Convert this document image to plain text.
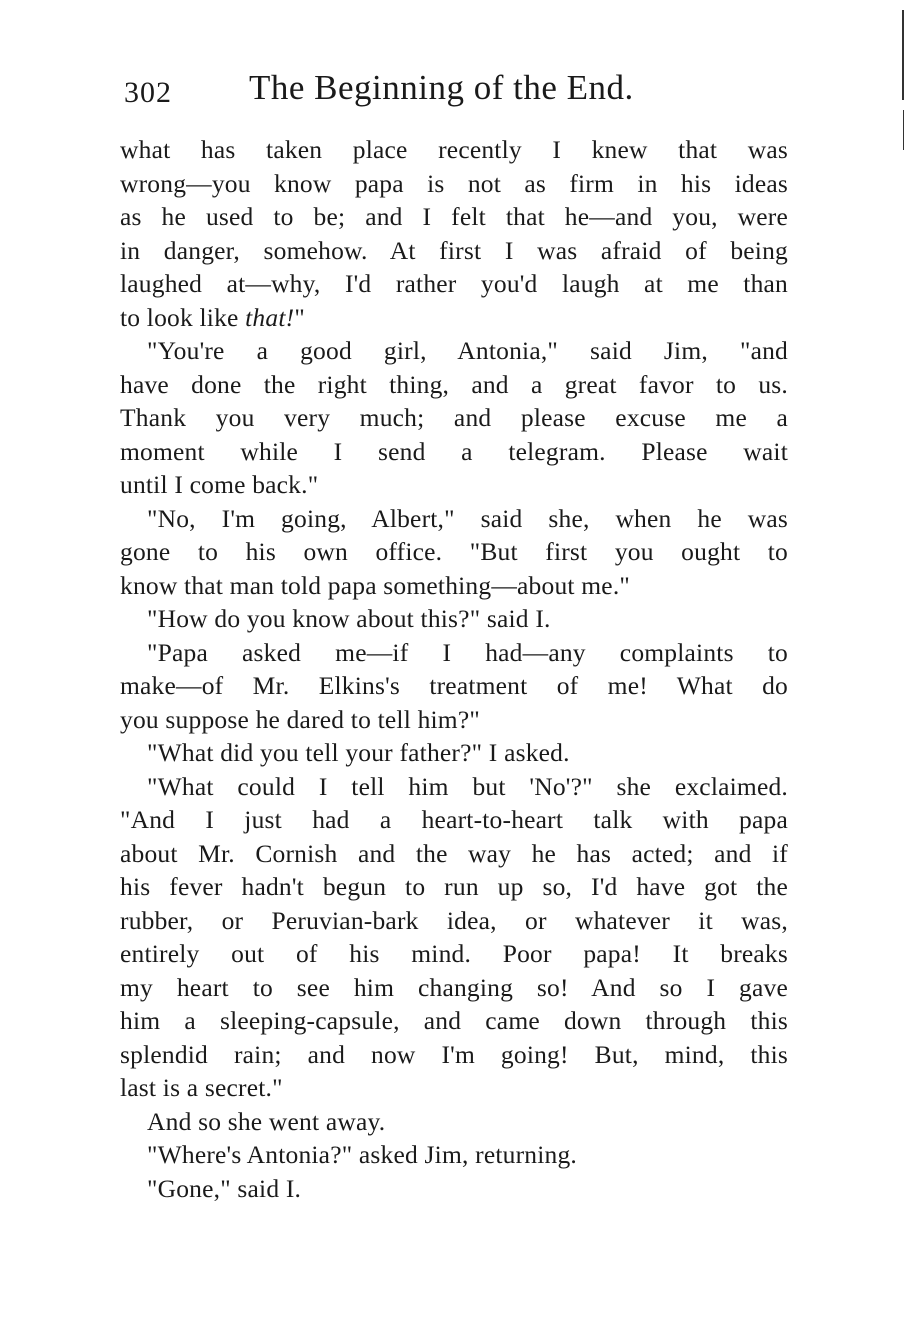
302 The Beginning of the End.
what has taken place recently I knew that was
wrong—you know papa is not as firm in his ideas
as he used to be; and I felt that he—and you, were
in danger, somehow. At first I was afraid of being
laughed at—why, I'd rather you'd laugh at me than
to look like that!"
"You're a good girl, Antonia," said Jim, "and
have done the right thing, and a great favor to us.
Thank you very much; and please excuse me a
moment while I send a telegram. Please wait
until I come back."
"No, I'm going, Albert," said she, when he was
gone to his own office. "But first you ought to
know that man told papa something—about me."
"How do you know about this?" said I.
"Papa asked me—if I had—any complaints to
make—of Mr. Elkins's treatment of me! What do
you suppose he dared to tell him?"
"What did you tell your father?" I asked.
"What could I tell him but 'No'?" she exclaimed.
"And I just had a heart-to-heart talk with papa
about Mr. Cornish and the way he has acted; and if
his fever hadn't begun to run up so, I'd have got the
rubber, or Peruvian-bark idea, or whatever it was,
entirely out of his mind. Poor papa! It breaks
my heart to see him changing so! And so I gave
him a sleeping-capsule, and came down through this
splendid rain; and now I'm going! But, mind, this
last is a secret."
And so she went away.
"Where's Antonia?" asked Jim, returning.
"Gone," said I.
